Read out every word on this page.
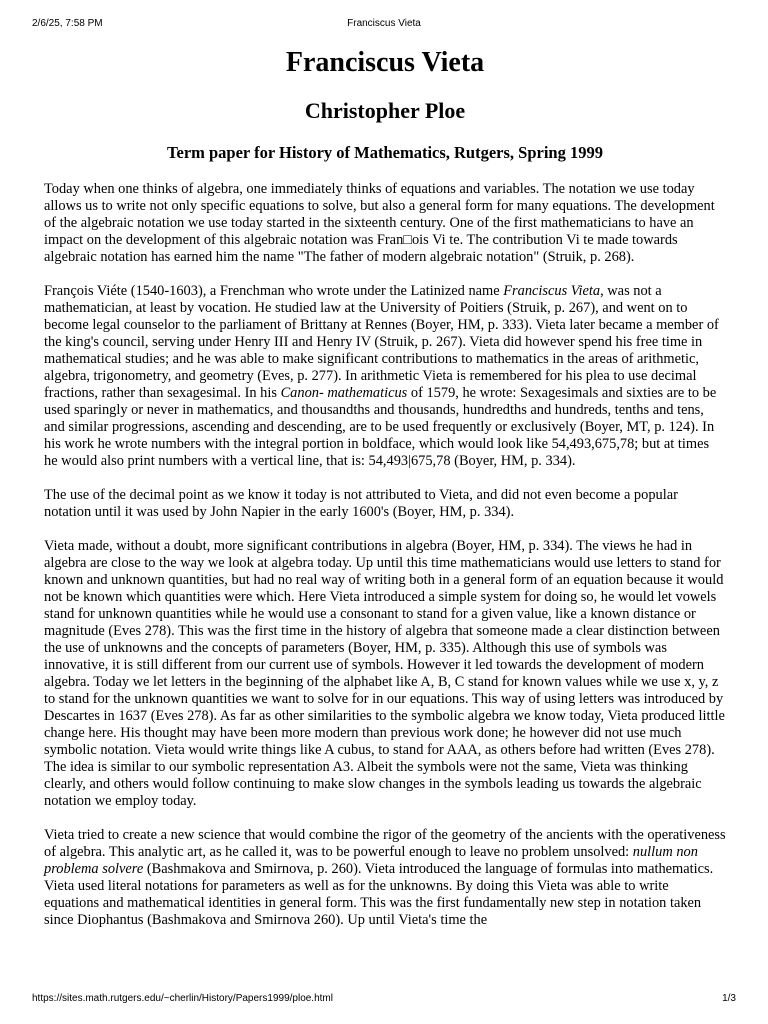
2/6/25, 7:58 PM	Franciscus Vieta
Franciscus Vieta
Christopher Ploe
Term paper for History of Mathematics, Rutgers, Spring 1999

Today when one thinks of algebra, one immediately thinks of equations and variables. The notation we use today allows us to write not only specific equations to solve, but also a general form for many equations. The development of the algebraic notation we use today started in the sixteenth century. One of the first mathematicians to have an impact on the development of this algebraic notation was Fran□ois Vi te. The contribution Vi te made towards algebraic notation has earned him the name "The father of modern algebraic notation" (Struik, p. 268).

François Viéte (1540-1603), a Frenchman who wrote under the Latinized name Franciscus Vieta, was not a mathematician, at least by vocation. He studied law at the University of Poitiers (Struik, p. 267), and went on to become legal counselor to the parliament of Brittany at Rennes (Boyer, HM, p. 333). Vieta later became a member of the king's council, serving under Henry III and Henry IV (Struik, p. 267). Vieta did however spend his free time in mathematical studies; and he was able to make significant contributions to mathematics in the areas of arithmetic, algebra, trigonometry, and geometry (Eves, p. 277). In arithmetic Vieta is remembered for his plea to use decimal fractions, rather than sexagesimal. In his Canon- mathematicus of 1579, he wrote: Sexagesimals and sixties are to be used sparingly or never in mathematics, and thousandths and thousands, hundredths and hundreds, tenths and tens, and similar progressions, ascending and descending, are to be used frequently or exclusively (Boyer, MT, p. 124). In his work he wrote numbers with the integral portion in boldface, which would look like 54,493,675,78; but at times he would also print numbers with a vertical line, that is: 54,493|675,78 (Boyer, HM, p. 334).

The use of the decimal point as we know it today is not attributed to Vieta, and did not even become a popular notation until it was used by John Napier in the early 1600's (Boyer, HM, p. 334).

Vieta made, without a doubt, more significant contributions in algebra (Boyer, HM, p. 334). The views he had in algebra are close to the way we look at algebra today. Up until this time mathematicians would use letters to stand for known and unknown quantities, but had no real way of writing both in a general form of an equation because it would not be known which quantities were which. Here Vieta introduced a simple system for doing so, he would let vowels stand for unknown quantities while he would use a consonant to stand for a given value, like a known distance or magnitude (Eves 278). This was the first time in the history of algebra that someone made a clear distinction between the use of unknowns and the concepts of parameters (Boyer, HM, p. 335). Although this use of symbols was innovative, it is still different from our current use of symbols. However it led towards the development of modern algebra. Today we let letters in the beginning of the alphabet like A, B, C stand for known values while we use x, y, z to stand for the unknown quantities we want to solve for in our equations. This way of using letters was introduced by Descartes in 1637 (Eves 278). As far as other similarities to the symbolic algebra we know today, Vieta produced little change here. His thought may have been more modern than previous work done; he however did not use much symbolic notation. Vieta would write things like A cubus, to stand for AAA, as others before had written (Eves 278). The idea is similar to our symbolic representation A3. Albeit the symbols were not the same, Vieta was thinking clearly, and others would follow continuing to make slow changes in the symbols leading us towards the algebraic notation we employ today.

Vieta tried to create a new science that would combine the rigor of the geometry of the ancients with the operativeness of algebra. This analytic art, as he called it, was to be powerful enough to leave no problem unsolved: nullum non problema solvere (Bashmakova and Smirnova, p. 260). Vieta introduced the language of formulas into mathematics. Vieta used literal notations for parameters as well as for the unknowns. By doing this Vieta was able to write equations and mathematical identities in general form. This was the first fundamentally new step in notation taken since Diophantus (Bashmakova and Smirnova 260). Up until Vieta's time the

https://sites.math.rutgers.edu/~cherlin/History/Papers1999/ploe.html	1/3
